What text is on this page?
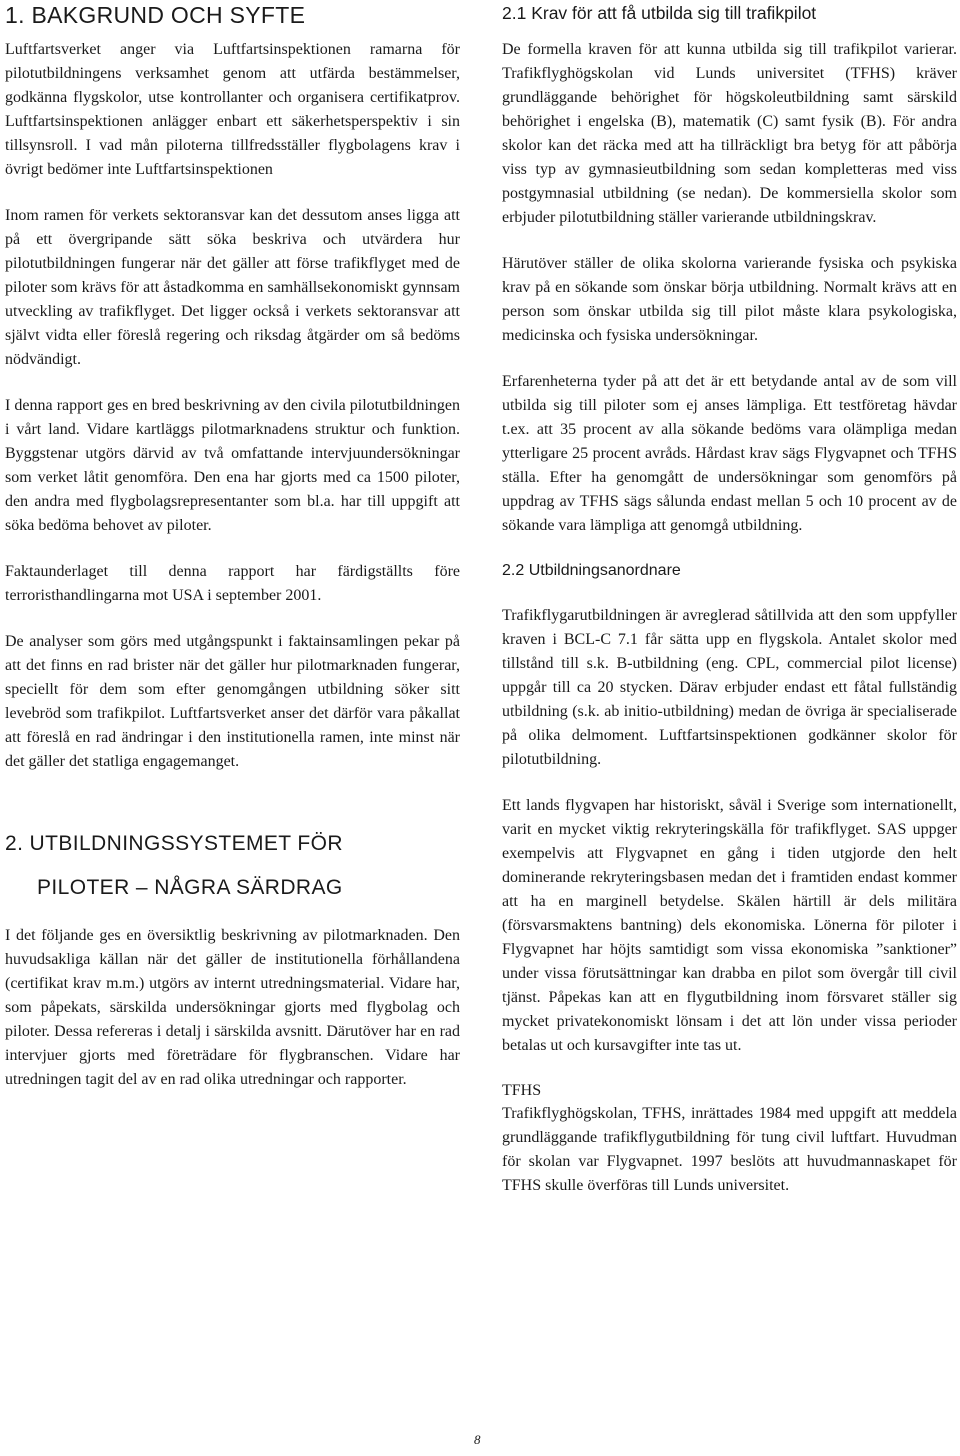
1. BAKGRUND OCH SYFTE

Luftfartsverket anger via Luftfartsinspektionen ramarna för pilotutbildningens verksamhet genom att utfärda bestämmelser, godkänna flygskolor, utse kontrollanter och organisera certifikatprov. Luftfartsinspektionen anlägger enbart ett säkerhetsperspektiv i sin tillsynsroll. I vad mån piloterna tillfredsställer flygbolagens krav i övrigt bedömer inte Luftfartsinspektionen

Inom ramen för verkets sektoransvar kan det dessutom anses ligga att på ett övergripande sätt söka beskriva och utvärdera hur pilotutbildningen fungerar när det gäller att förse trafikflyget med de piloter som krävs för att åstadkomma en samhällsekonomiskt gynnsam utveckling av trafikflyget. Det ligger också i verkets sektoransvar att självt vidta eller föreslå regering och riksdag åtgärder om så bedöms nödvändigt.

I denna rapport ges en bred beskrivning av den civila pilotutbildningen i vårt land. Vidare kartläggs pilotmarknadens struktur och funktion. Byggstenar utgörs därvid av två omfattande intervjuundersökningar som verket låtit genomföra. Den ena har gjorts med ca 1500 piloter, den andra med flygbolagsrepresentanter som bl.a. har till uppgift att söka bedöma behovet av piloter.

Faktaunderlaget till denna rapport har färdigställts före terroristhandlingarna mot USA i september 2001.

De analyser som görs med utgångspunkt i faktainsamlingen pekar på att det finns en rad brister när det gäller hur pilotmarknaden fungerar, speciellt för dem som efter genomgången utbildning söker sitt levebröd som trafikpilot. Luftfartsverket anser det därför vara påkallat att föreslå en rad ändringar i den institutionella ramen, inte minst när det gäller det statliga engagemanget.

2. UTBILDNINGSSYSTEMET FÖR
PILOTER – NÅGRA SÄRDRAG

I det följande ges en översiktlig beskrivning av pilotmarknaden. Den huvudsakliga källan när det gäller de institutionella förhållandena (certifikat krav m.m.) utgörs av internt utredningsmaterial. Vidare har, som påpekats, särskilda undersökningar gjorts med flygbolag och piloter. Dessa refereras i detalj i särskilda avsnitt. Därutöver har en rad intervjuer gjorts med företrädare för flygbranschen. Vidare har utredningen tagit del av en rad olika utredningar och rapporter.

2.1 Krav för att få utbilda sig till trafikpilot

De formella kraven för att kunna utbilda sig till trafikpilot varierar. Trafikflyghögskolan vid Lunds universitet (TFHS) kräver grundläggande behörighet för högskoleutbildning samt särskild behörighet i engelska (B), matematik (C) samt fysik (B). För andra skolor kan det räcka med att ha tillräckligt bra betyg för att påbörja viss typ av gymnasieutbildning som sedan kompletteras med viss postgymnasial utbildning (se nedan). De kommersiella skolor som erbjuder pilotutbildning ställer varierande utbildningskrav.

Härutöver ställer de olika skolorna varierande fysiska och psykiska krav på en sökande som önskar börja utbildning. Normalt krävs att en person som önskar utbilda sig till pilot måste klara psykologiska, medicinska och fysiska undersökningar.

Erfarenheterna tyder på att det är ett betydande antal av de som vill utbilda sig till piloter som ej anses lämpliga. Ett testföretag hävdar t.ex. att 35 procent av alla sökande bedöms vara olämpliga medan ytterligare 25 procent avråds. Hårdast krav sägs Flygvapnet och TFHS ställa. Efter ha genomgått de undersökningar som genomförs på uppdrag av TFHS sägs sålunda endast mellan 5 och 10 procent av de sökande vara lämpliga att genomgå utbildning.

2.2 Utbildningsanordnare

Trafikflygarutbildningen är avreglerad såtillvida att den som uppfyller kraven i BCL-C 7.1 får sätta upp en flygskola. Antalet skolor med tillstånd till s.k. B-utbildning (eng. CPL, commercial pilot license) uppgår till ca 20 stycken. Därav erbjuder endast ett fåtal fullständig utbildning (s.k. ab initio-utbildning) medan de övriga är specialiserade på olika delmoment. Luftfartsinspektionen godkänner skolor för pilotutbildning.

Ett lands flygvapen har historiskt, såväl i Sverige som internationellt, varit en mycket viktig rekryteringskälla för trafikflyget. SAS uppger exempelvis att Flygvapnet en gång i tiden utgjorde den helt dominerande rekryteringsbasen medan det i framtiden endast kommer att ha en marginell betydelse. Skälen härtill är dels militära (försvarsmaktens bantning) dels ekonomiska. Lönerna för piloter i Flygvapnet har höjts samtidigt som vissa ekonomiska ”sanktioner” under vissa förutsättningar kan drabba en pilot som övergår till civil tjänst. Påpekas kan att en flygutbildning inom försvaret ställer sig mycket privatekonomiskt lönsam i det att lön under vissa perioder betalas ut och kursavgifter inte tas ut.

TFHS

Trafikflyghögskolan, TFHS, inrättades 1984 med uppgift att meddela grundläggande trafikflygutbildning för tung civil luftfart. Huvudman för skolan var Flygvapnet. 1997 beslöts att huvudmannaskapet för TFHS skulle överföras till Lunds universitet.

8
